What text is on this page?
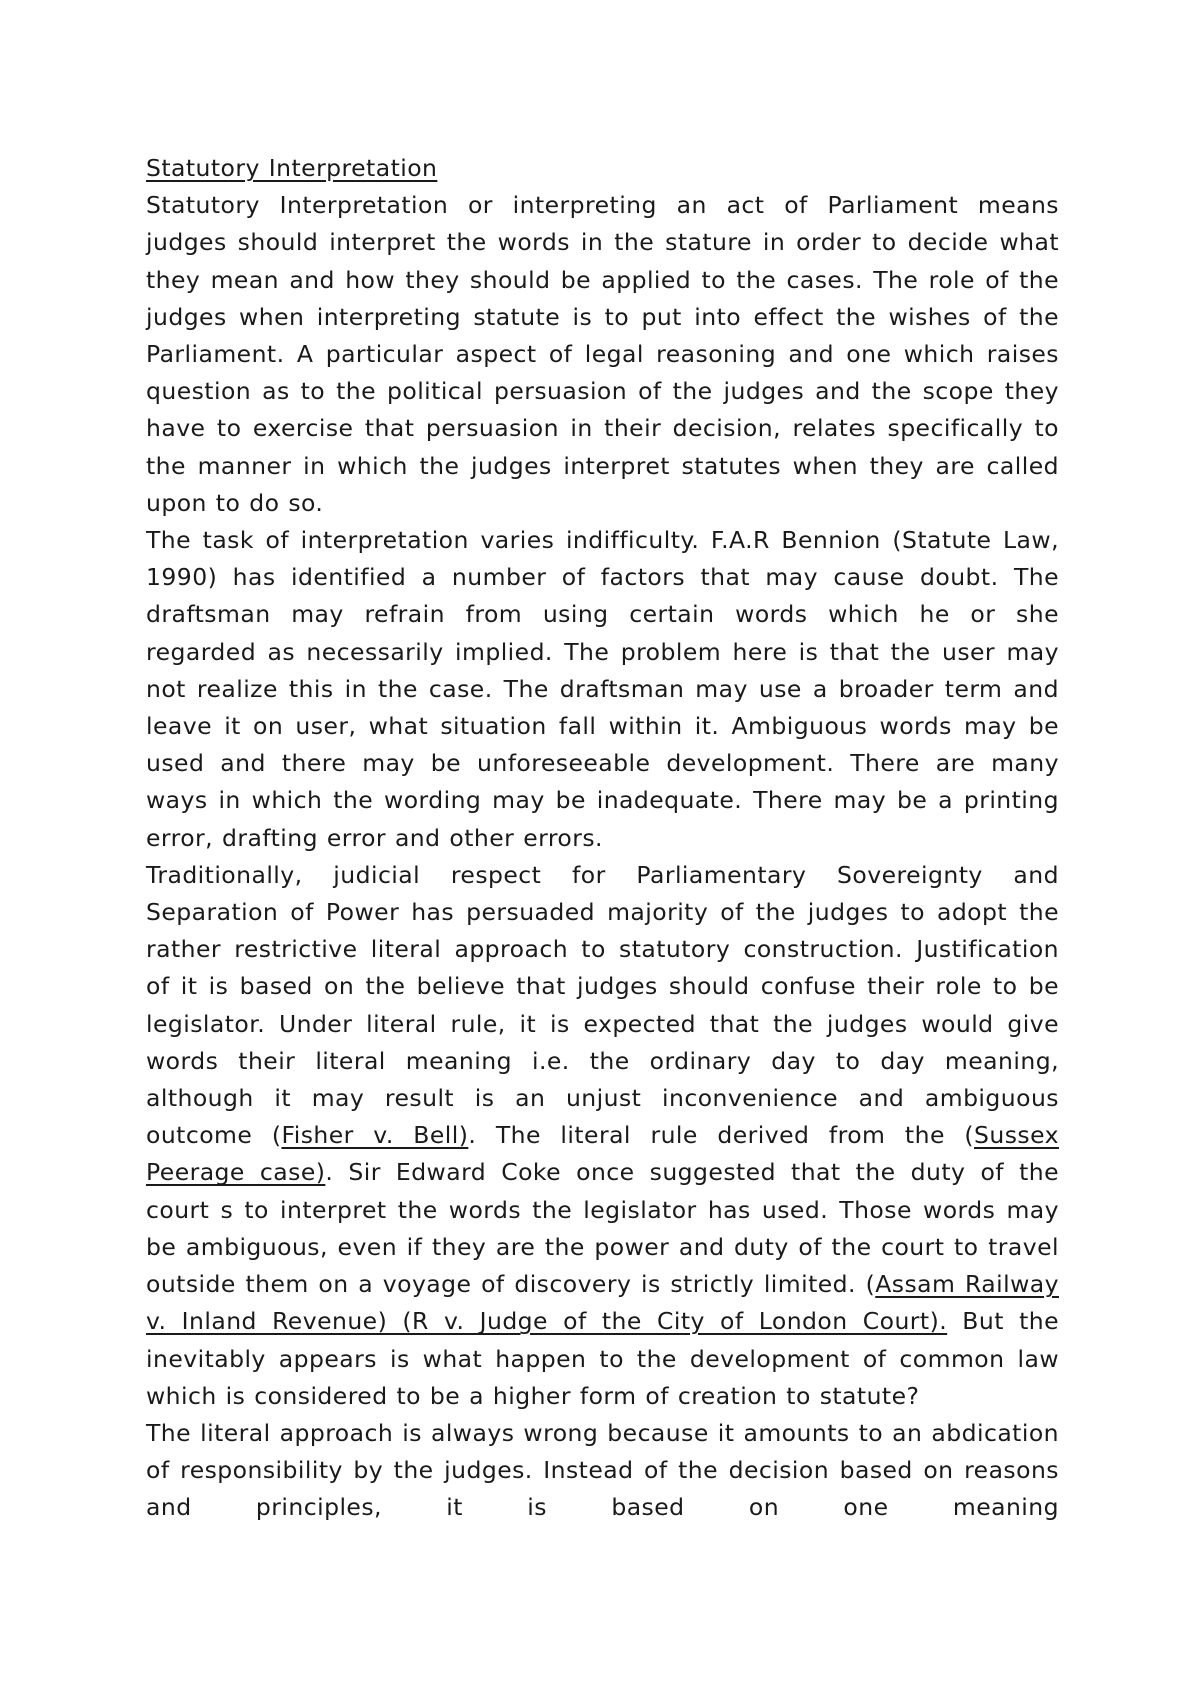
Statutory Interpretation

Statutory Interpretation or interpreting an act of Parliament means judges should interpret the words in the stature in order to decide what they mean and how they should be applied to the cases. The role of the judges when interpreting statute is to put into effect the wishes of the Parliament. A particular aspect of legal reasoning and one which raises question as to the political persuasion of the judges and the scope they have to exercise that persuasion in their decision, relates specifically to the manner in which the judges interpret statutes when they are called upon to do so.

The task of interpretation varies indifficulty. F.A.R Bennion (Statute Law, 1990) has identified a number of factors that may cause doubt. The draftsman may refrain from using certain words which he or she regarded as necessarily implied. The problem here is that the user may not realize this in the case. The draftsman may use a broader term and leave it on user, what situation fall within it. Ambiguous words may be used and there may be unforeseeable development. There are many ways in which the wording may be inadequate. There may be a printing error, drafting error and other errors.

Traditionally, judicial respect for Parliamentary Sovereignty and Separation of Power has persuaded majority of the judges to adopt the rather restrictive literal approach to statutory construction. Justification of it is based on the believe that judges should confuse their role to be legislator. Under literal rule, it is expected that the judges would give words their literal meaning i.e. the ordinary day to day meaning, although it may result is an unjust inconvenience and ambiguous outcome (Fisher v. Bell). The literal rule derived from the (Sussex Peerage case). Sir Edward Coke once suggested that the duty of the court s to interpret the words the legislator has used. Those words may be ambiguous, even if they are the power and duty of the court to travel outside them on a voyage of discovery is strictly limited. (Assam Railway v. Inland Revenue) (R v. Judge of the City of London Court). But the inevitably appears is what happen to the development of common law which is considered to be a higher form of creation to statute?

The literal approach is always wrong because it amounts to an abdication of responsibility by the judges. Instead of the decision based on reasons and principles, it is based on one meaning
